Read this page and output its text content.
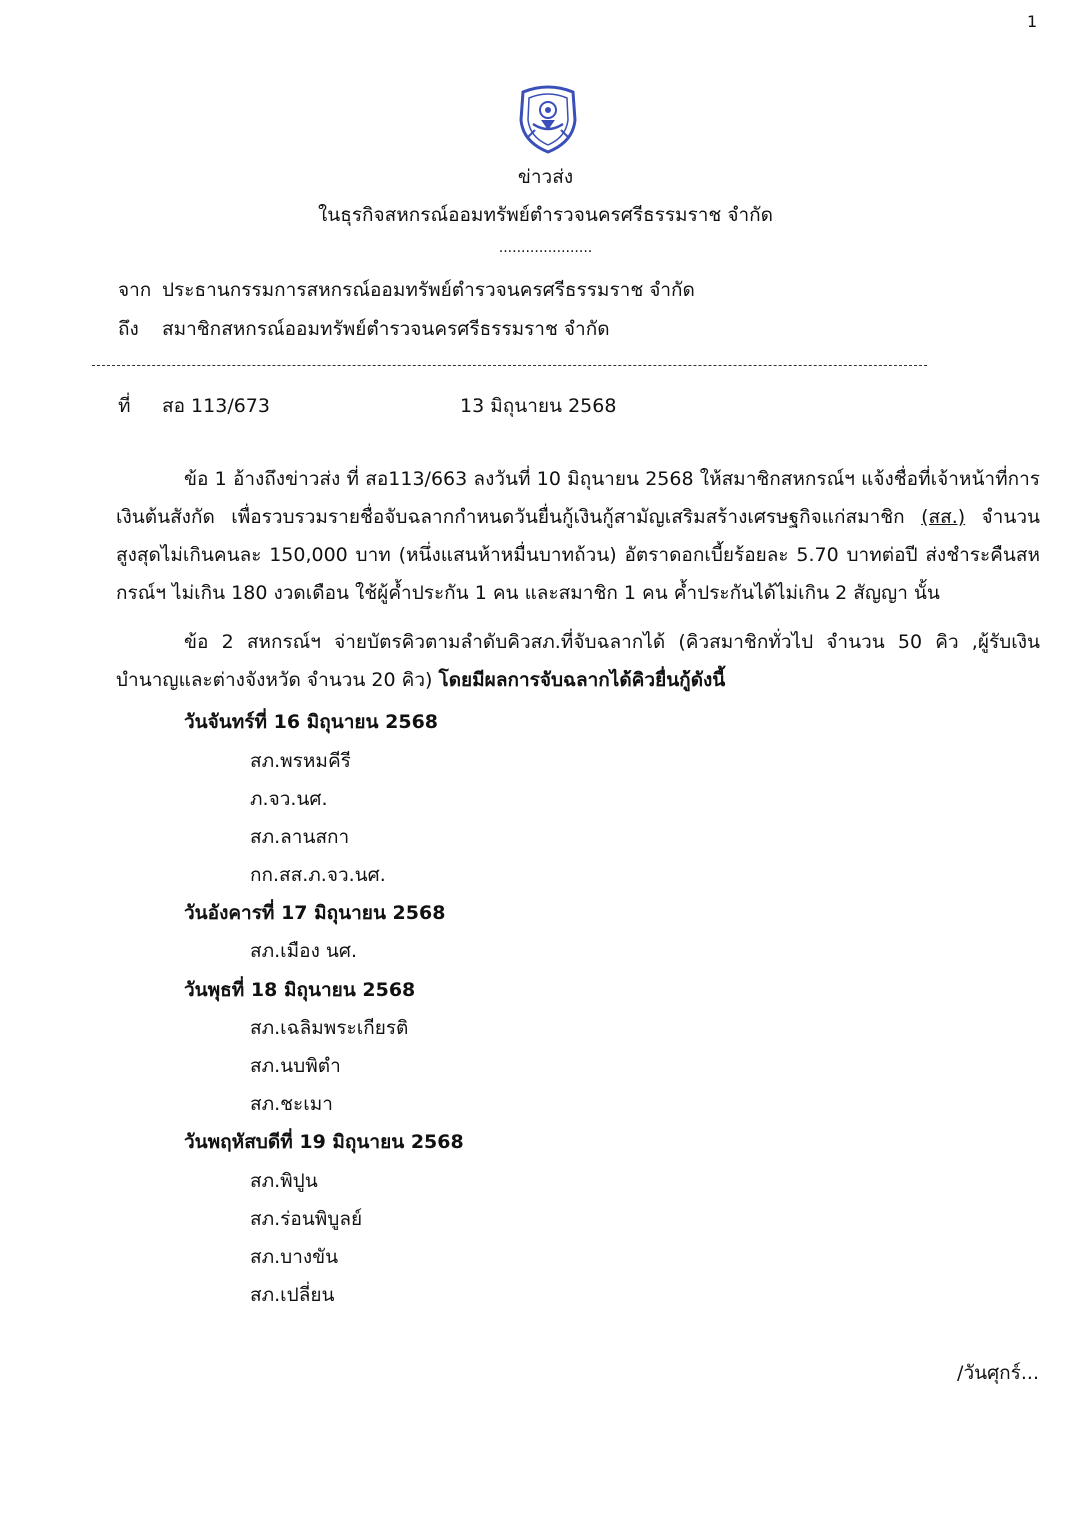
1
ข่าวส่ง
ในธุรกิจสหกรณ์ออมทรัพย์ตำรวจนครศรีธรรมราช จำกัด
.....................
จาก ประธานกรรมการสหกรณ์ออมทรัพย์ตำรวจนครศรีธรรมราช จำกัด
ถึง สมาชิกสหกรณ์ออมทรัพย์ตำรวจนครศรีธรรมราช จำกัด
ที่ สอ 113/673	13 มิถุนายน 2568
ข้อ 1 อ้างถึงข่าวส่ง ที่ สอ113/663 ลงวันที่ 10 มิถุนายน 2568 ให้สมาชิกสหกรณ์ฯ แจ้งชื่อที่เจ้าหน้าที่การเงินต้นสังกัด เพื่อรวบรวมรายชื่อจับฉลากกำหนดวันยื่นกู้เงินกู้สามัญเสริมสร้างเศรษฐกิจแก่สมาชิก (สส.) จำนวนสูงสุดไม่เกินคนละ 150,000 บาท (หนึ่งแสนห้าหมื่นบาทถ้วน) อัตราดอกเบี้ยร้อยละ 5.70 บาทต่อปี ส่งชำระคืนสหกรณ์ฯ ไม่เกิน 180 งวดเดือน ใช้ผู้ค้ำประกัน 1 คน และสมาชิก 1 คน ค้ำประกันได้ไม่เกิน 2 สัญญา นั้น
ข้อ 2 สหกรณ์ฯ จ่ายบัตรคิวตามลำดับคิวสภ.ที่จับฉลากได้ (คิวสมาชิกทั่วไป จำนวน 50 คิว ,ผู้รับเงินบำนาญและต่างจังหวัด จำนวน 20 คิว) โดยมีผลการจับฉลากได้คิวยื่นกู้ดังนี้
วันจันทร์ที่ 16 มิถุนายน 2568
สภ.พรหมคีรี
ภ.จว.นศ.
สภ.ลานสกา
กก.สส.ภ.จว.นศ.
วันอังคารที่ 17 มิถุนายน 2568
สภ.เมือง นศ.
วันพุธที่ 18 มิถุนายน 2568
สภ.เฉลิมพระเกียรติ
สภ.นบพิตำ
สภ.ชะเมา
วันพฤหัสบดีที่ 19 มิถุนายน 2568
สภ.พิปูน
สภ.ร่อนพิบูลย์
สภ.บางขัน
สภ.เปลี่ยน
/วันศุกร์...
